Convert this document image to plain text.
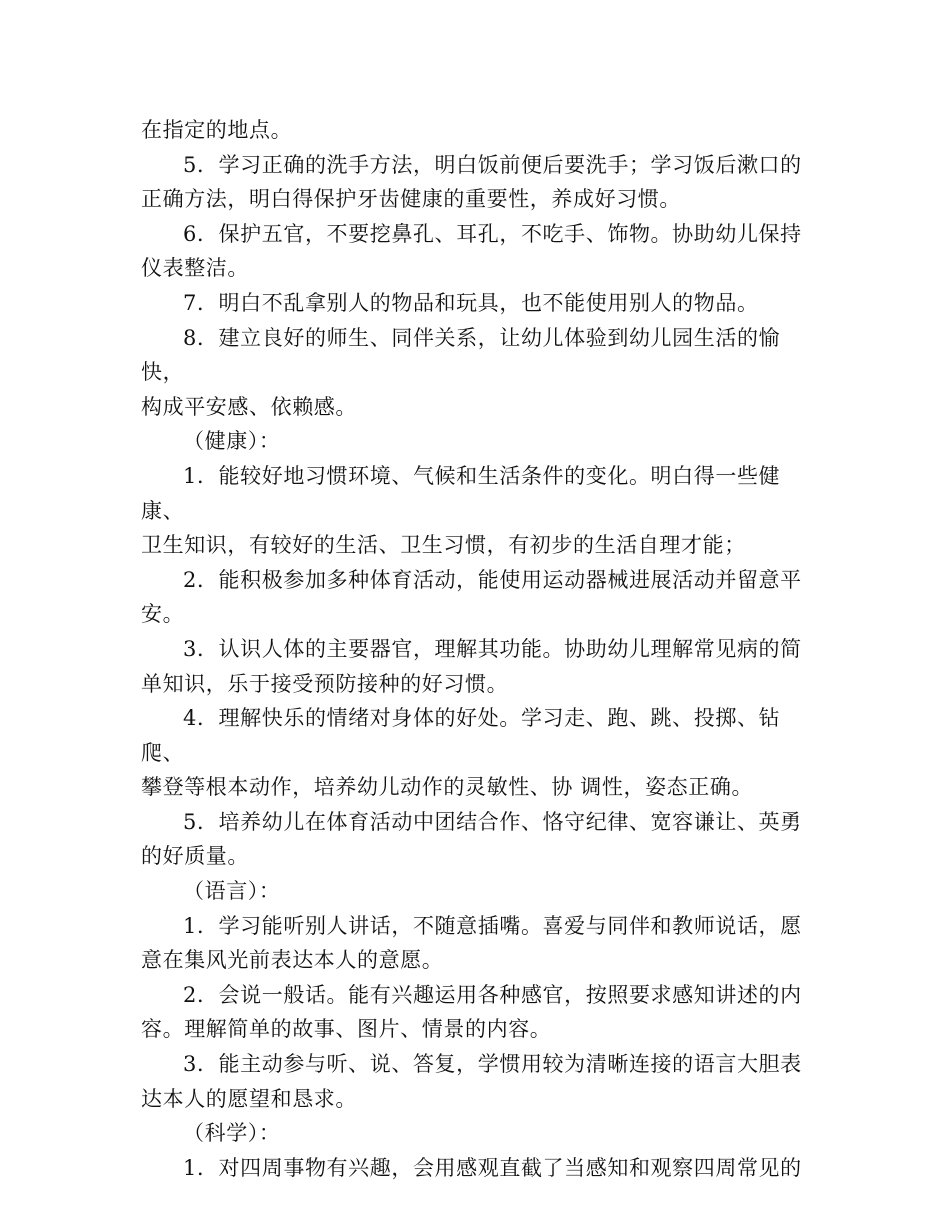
在指定的地点。
5．学习正确的洗手方法，明白饭前便后要洗手；学习饭后漱口的
正确方法，明白得保护牙齿健康的重要性，养成好习惯。
6．保护五官，不要挖鼻孔、耳孔，不吃手、饰物。协助幼儿保持
仪表整洁。
7．明白不乱拿别人的物品和玩具，也不能使用别人的物品。
8．建立良好的师生、同伴关系，让幼儿体验到幼儿园生活的愉快，
构成平安感、依赖感。
（健康）：
1．能较好地习惯环境、气候和生活条件的变化。明白得一些健康、
卫生知识，有较好的生活、卫生习惯，有初步的生活自理才能；
2．能积极参加多种体育活动，能使用运动器械进展活动并留意平
安。
3．认识人体的主要器官，理解其功能。协助幼儿理解常见病的简
单知识，乐于接受预防接种的好习惯。
4．理解快乐的情绪对身体的好处。学习走、跑、跳、投掷、钻爬、
攀登等根本动作，培养幼儿动作的灵敏性、协 调性，姿态正确。
5．培养幼儿在体育活动中团结合作、恪守纪律、宽容谦让、英勇
的好质量。
（语言）：
1．学习能听别人讲话，不随意插嘴。喜爱与同伴和教师说话，愿
意在集风光前表达本人的意愿。
2．会说一般话。能有兴趣运用各种感官，按照要求感知讲述的内
容。理解简单的故事、图片、情景的内容。
3．能主动参与听、说、答复，学惯用较为清晰连接的语言大胆表
达本人的愿望和恳求。
（科学）：
1．对四周事物有兴趣，会用感观直截了当感知和观察四周常见的
